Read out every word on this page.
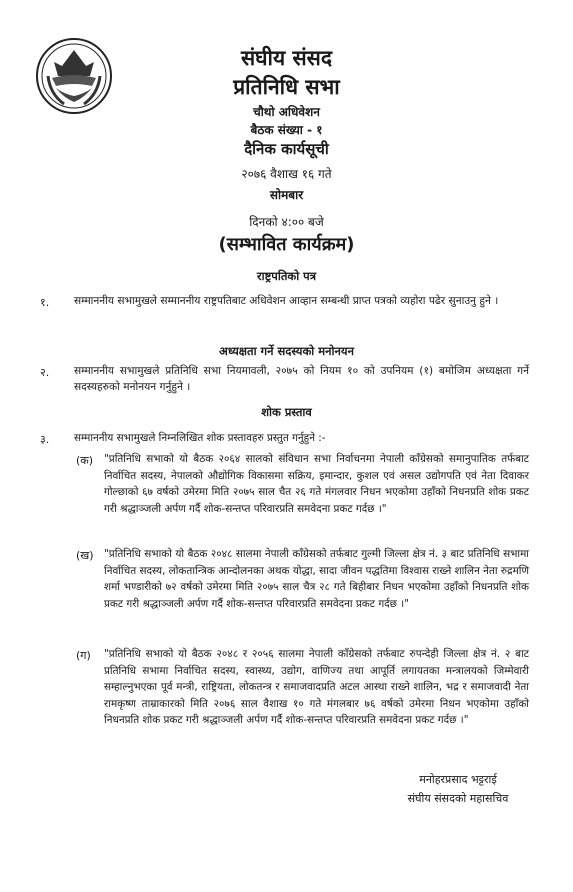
संघीय संसद
प्रतिनिधि सभा
चौथो अधिवेशन
बैठक संख्या - १
दैनिक कार्यसूची
२०७६ वैशाख १६ गते
सोमबार
दिनको ४:०० बजे
(सम्भावित कार्यक्रम)
राष्ट्रपतिको पत्र
१. सम्माननीय सभामुखले सम्माननीय राष्ट्रपतिबाट अधिवेशन आव्हान सम्बन्धी प्राप्त पत्रको व्यहोरा पढेर सुनाउनु हुने ।
अध्यक्षता गर्ने सदस्यको मनोनयन
२. सम्माननीय सभामुखले प्रतिनिधि सभा नियमावली, २०७५ को नियम १० को उपनियम (१) बमोजिम अध्यक्षता गर्ने सदस्यहरुको मनोनयन गर्नुहुने ।
शोक प्रस्ताव
३. सम्माननीय सभामुखले निम्नलिखित शोक प्रस्तावहरु प्रस्तुत गर्नुहुने :-
(क) "प्रतिनिधि सभाको यो बैठक २०६४ सालको संविधान सभा निर्वाचनमा नेपाली काँग्रेसको समानुपातिक तर्फबाट निर्वाचित सदस्य, नेपालको औद्योगिक विकासमा सक्रिय, इमान्दार, कुशल एवं असल उद्योगपति एवं नेता दिवाकर गोल्छाको ६७ वर्षको उमेरमा मिति २०७५ साल चैत २६ गते मंगलवार निधन भएकोमा उहाँको निधनप्रति शोक प्रकट गरी श्रद्धाञ्जली अर्पण गर्दै शोक-सन्तप्त परिवारप्रति समवेदना प्रकट गर्दछ ।"
(ख) "प्रतिनिधि सभाको यो बैठक २०४८ सालमा नेपाली काँग्रेसको तर्फबाट गुल्मी जिल्ला क्षेत्र नं. ३ बाट प्रतिनिधि सभामा निर्वाचित सदस्य, लोकतान्त्रिक आन्दोलनका अथक योद्धा, सादा जीवन पद्धतिमा विश्वास राख्ने शालिन नेता रुद्रमणि शर्मा भण्डारीको ७२ वर्षको उमेरमा मिति २०७५ साल चैत्र २८ गते बिहीबार निधन भएकोमा उहाँको निधनप्रति शोक प्रकट गरी श्रद्धाञ्जली अर्पण गर्दै शोक-सन्तप्त परिवारप्रति समवेदना प्रकट गर्दछ ।"
(ग) "प्रतिनिधि सभाको यो बैठक २०४८ र २०५६ सालमा नेपाली काँग्रेसको तर्फबाट रुपन्देही जिल्ला क्षेत्र नं. २ बाट प्रतिनिधि सभामा निर्वाचित सदस्य, स्वास्थ्य, उद्योग, वाणिज्य तथा आपूर्ति लगायतका मन्त्रालयको जिम्मेवारी सम्हाल्नुभएका पूर्व मन्त्री, राष्ट्रियता, लोकतन्त्र र समाजवादप्रति अटल आस्था राख्ने शालिन, भद्र र समाजवादी नेता रामकृष्ण ताम्राकारको मिति २०७६ साल वैशाख १० गते मंगलबार ७६ वर्षको उमेरमा निधन भएकोमा उहाँको निधनप्रति शोक प्रकट गरी श्रद्धाञ्जली अर्पण गर्दै शोक-सन्तप्त परिवारप्रति समवेदना प्रकट गर्दछ ।"
मनोहरप्रसाद भट्टराई
संघीय संसदको महासचिव
